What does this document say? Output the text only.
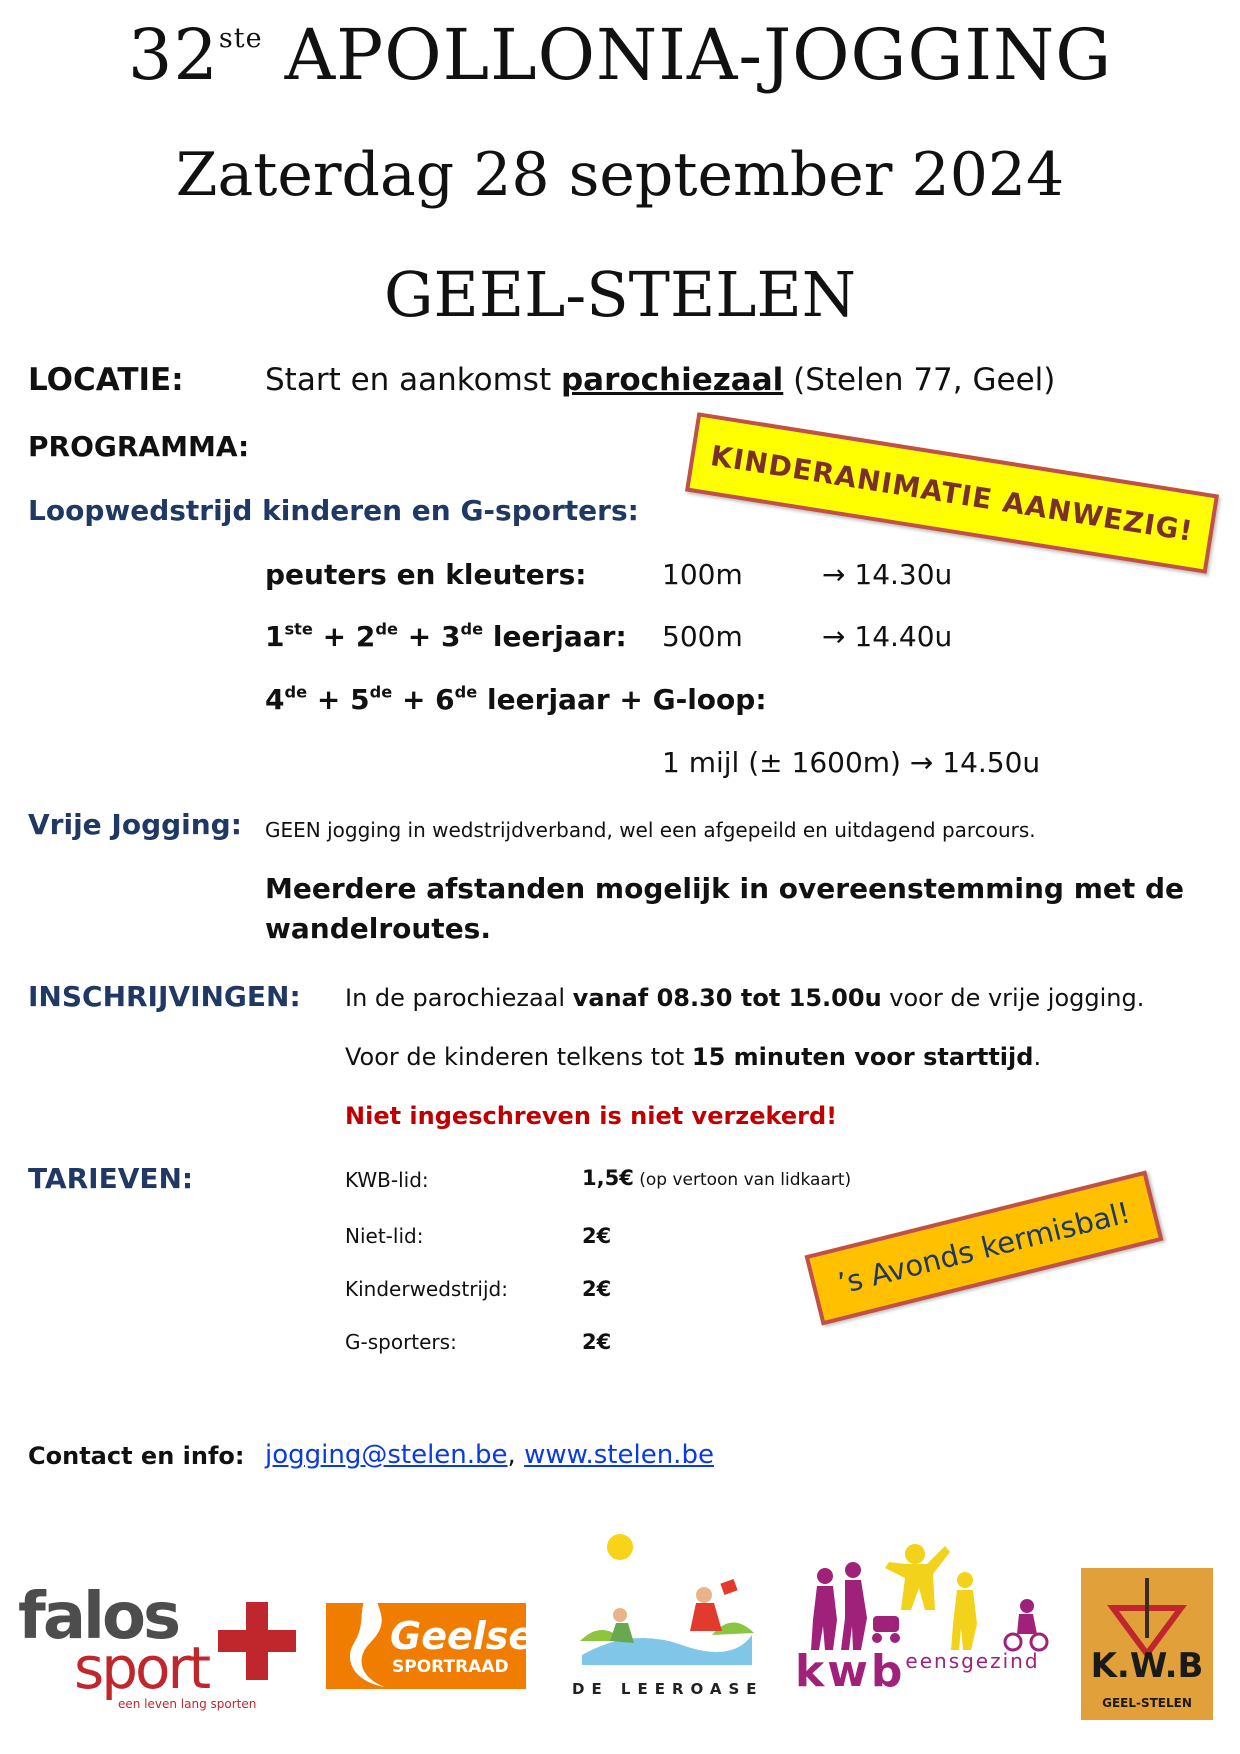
32ste APOLLONIA-JOGGING
Zaterdag 28 september 2024
GEEL-STELEN
LOCATIE:	Start en aankomst parochiezaal (Stelen 77, Geel)
PROGRAMMA:
Loopwedstrijd kinderen en G-sporters:
peuters en kleuters:	100m	→ 14.30u
1ste + 2de + 3de leerjaar: 500m	→ 14.40u
4de + 5de + 6de leerjaar + G-loop:
1 mijl (± 1600m) → 14.50u
Vrije Jogging: GEEN jogging in wedstrijdverband, wel een afgepeild en uitdagend parcours.
Meerdere afstanden mogelijk in overeenstemming met de
wandelroutes.
INSCHRIJVINGEN: In de parochiezaal vanaf 08.30 tot 15.00u voor de vrije jogging.
Voor de kinderen telkens tot 15 minuten voor starttijd.
Niet ingeschreven is niet verzekerd!
TARIEVEN:	KWB-lid:	1,5€ (op vertoon van lidkaart)
Niet-lid:	2€
Kinderwedstrijd:	2€
G-sporters:	2€
Contact en info: jogging@stelen.be, www.stelen.be
KINDERANIMATIE AANWEZIG!
’s Avonds kermisbal!
falos
sport
een leven lang sporten
Geelse
SPORTRAAD
DE LEEROASE kwbeensgezind K.W.B
GEEL-STELEN
